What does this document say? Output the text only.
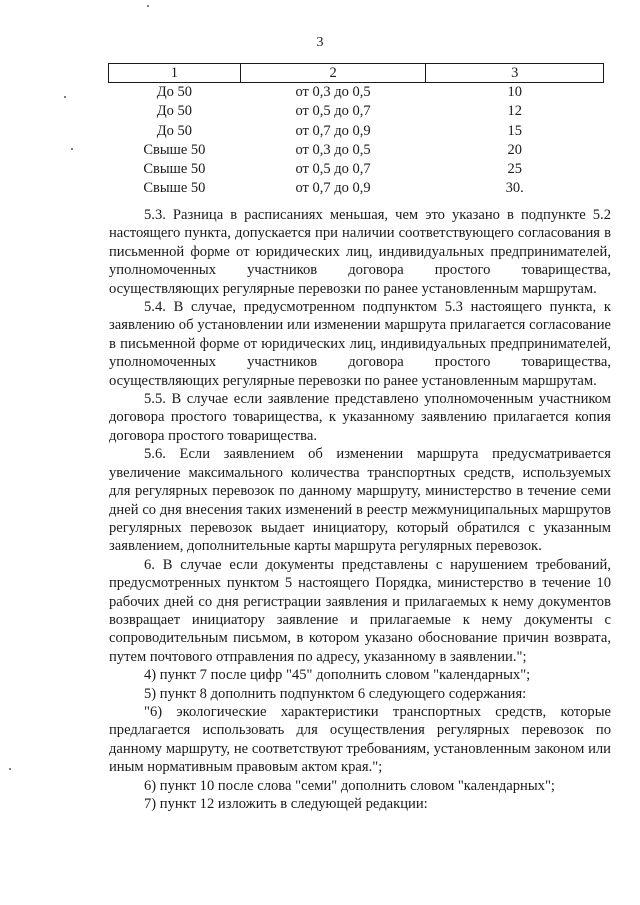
3
1	2	3
До 50	от 0,3 до 0,5	10
До 50	от 0,5 до 0,7	12
До 50	от 0,7 до 0,9	15
Свыше 50	от 0,3 до 0,5	20
Свыше 50	от 0,5 до 0,7	25
Свыше 50	от 0,7 до 0,9	30.

5.3. Разница в расписаниях меньшая, чем это указано в подпункте 5.2 настоящего пункта, допускается при наличии соответствующего согласования в письменной форме от юридических лиц, индивидуальных предпринимателей, уполномоченных участников договора простого товарищества, осуществляющих регулярные перевозки по ранее установленным маршрутам.

5.4. В случае, предусмотренном подпунктом 5.3 настоящего пункта, к заявлению об установлении или изменении маршрута прилагается согласование в письменной форме от юридических лиц, индивидуальных предпринимателей, уполномоченных участников договора простого товарищества, осуществляющих регулярные перевозки по ранее установленным маршрутам.

5.5. В случае если заявление представлено уполномоченным участником договора простого товарищества, к указанному заявлению прилагается копия договора простого товарищества.

5.6. Если заявлением об изменении маршрута предусматривается увеличение максимального количества транспортных средств, используемых для регулярных перевозок по данному маршруту, министерство в течение семи дней со дня внесения таких изменений в реестр межмуниципальных маршрутов регулярных перевозок выдает инициатору, который обратился с указанным заявлением, дополнительные карты маршрута регулярных перевозок.

6. В случае если документы представлены с нарушением требований, предусмотренных пунктом 5 настоящего Порядка, министерство в течение 10 рабочих дней со дня регистрации заявления и прилагаемых к нему документов возвращает инициатору заявление и прилагаемые к нему документы с сопроводительным письмом, в котором указано обоснование причин возврата, путем почтового отправления по адресу, указанному в заявлении.";

4) пункт 7 после цифр "45" дополнить словом "календарных";

5) пункт 8 дополнить подпунктом 6 следующего содержания:

"6) экологические характеристики транспортных средств, которые предлагается использовать для осуществления регулярных перевозок по данному маршруту, не соответствуют требованиям, установленным законом или иным нормативным правовым актом края.";

6) пункт 10 после слова "семи" дополнить словом "календарных";

7) пункт 12 изложить в следующей редакции:
